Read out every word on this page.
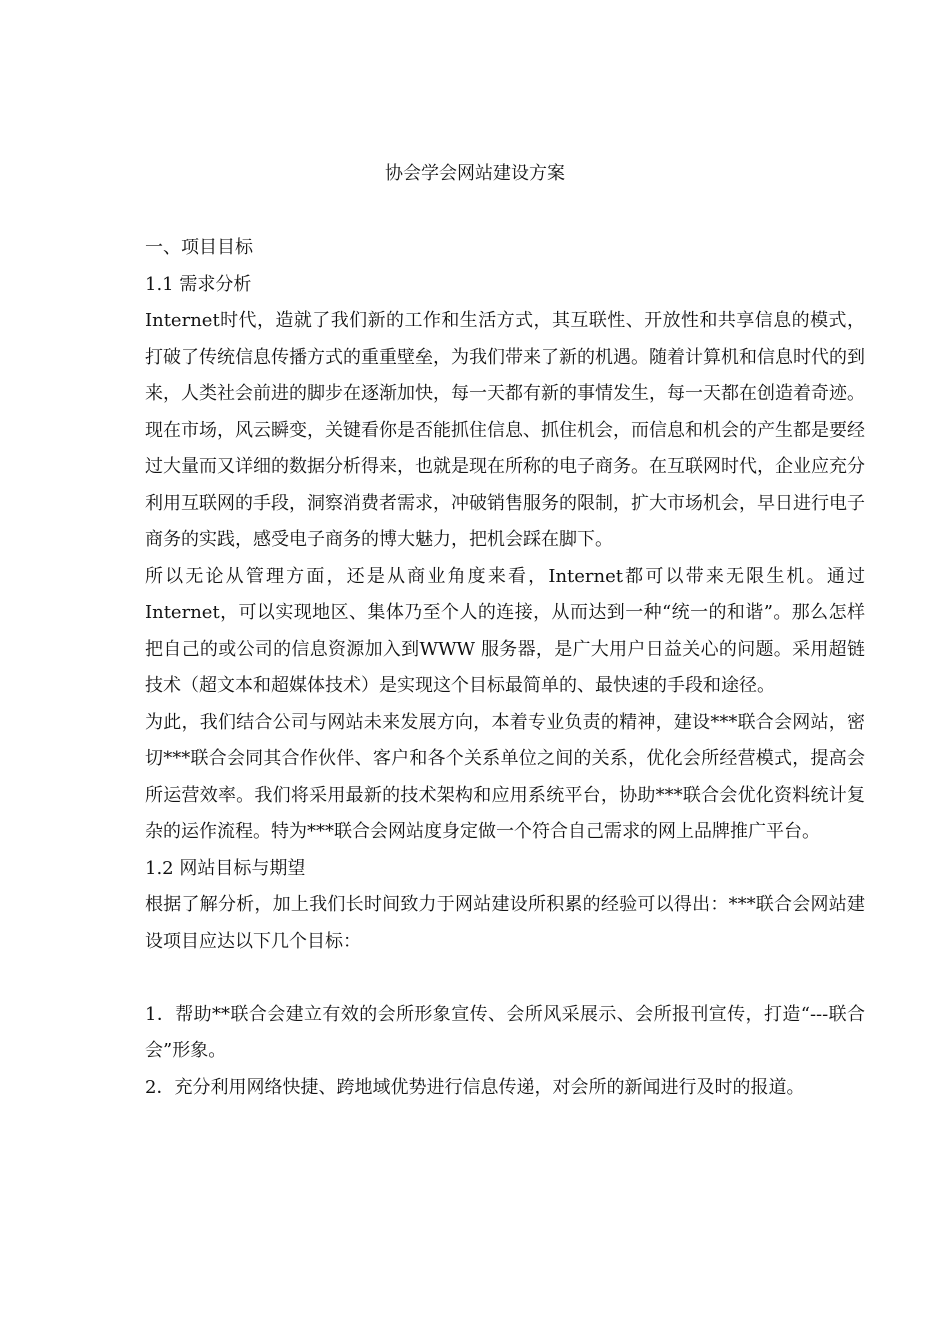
协会学会网站建设方案

一、项目目标

1.1 需求分析

Internet时代，造就了我们新的工作和生活方式，其互联性、开放性和共享信息的模式，打破了传统信息传播方式的重重壁垒，为我们带来了新的机遇。随着计算机和信息时代的到来，人类社会前进的脚步在逐渐加快，每一天都有新的事情发生，每一天都在创造着奇迹。

现在市场，风云瞬变，关键看你是否能抓住信息、抓住机会，而信息和机会的产生都是要经过大量而又详细的数据分析得来，也就是现在所称的电子商务。在互联网时代，企业应充分利用互联网的手段，洞察消费者需求，冲破销售服务的限制，扩大市场机会，早日进行电子商务的实践，感受电子商务的博大魅力，把机会踩在脚下。

所以无论从管理方面，还是从商业角度来看，Internet都可以带来无限生机。通过Internet，可以实现地区、集体乃至个人的连接，从而达到一种“统一的和谐”。那么怎样把自己的或公司的信息资源加入到WWW 服务器，是广大用户日益关心的问题。采用超链技术（超文本和超媒体技术）是实现这个目标最简单的、最快速的手段和途径。

为此，我们结合公司与网站未来发展方向，本着专业负责的精神，建设***联合会网站，密切***联合会同其合作伙伴、客户和各个关系单位之间的关系，优化会所经营模式，提高会所运营效率。我们将采用最新的技术架构和应用系统平台，协助***联合会优化资料统计复杂的运作流程。特为***联合会网站度身定做一个符合自己需求的网上品牌推广平台。

1.2 网站目标与期望

根据了解分析，加上我们长时间致力于网站建设所积累的经验可以得出：***联合会网站建设项目应达以下几个目标：

1．帮助**联合会建立有效的会所形象宣传、会所风采展示、会所报刊宣传，打造“---联合会”形象。

2．充分利用网络快捷、跨地域优势进行信息传递，对会所的新闻进行及时的报道。
